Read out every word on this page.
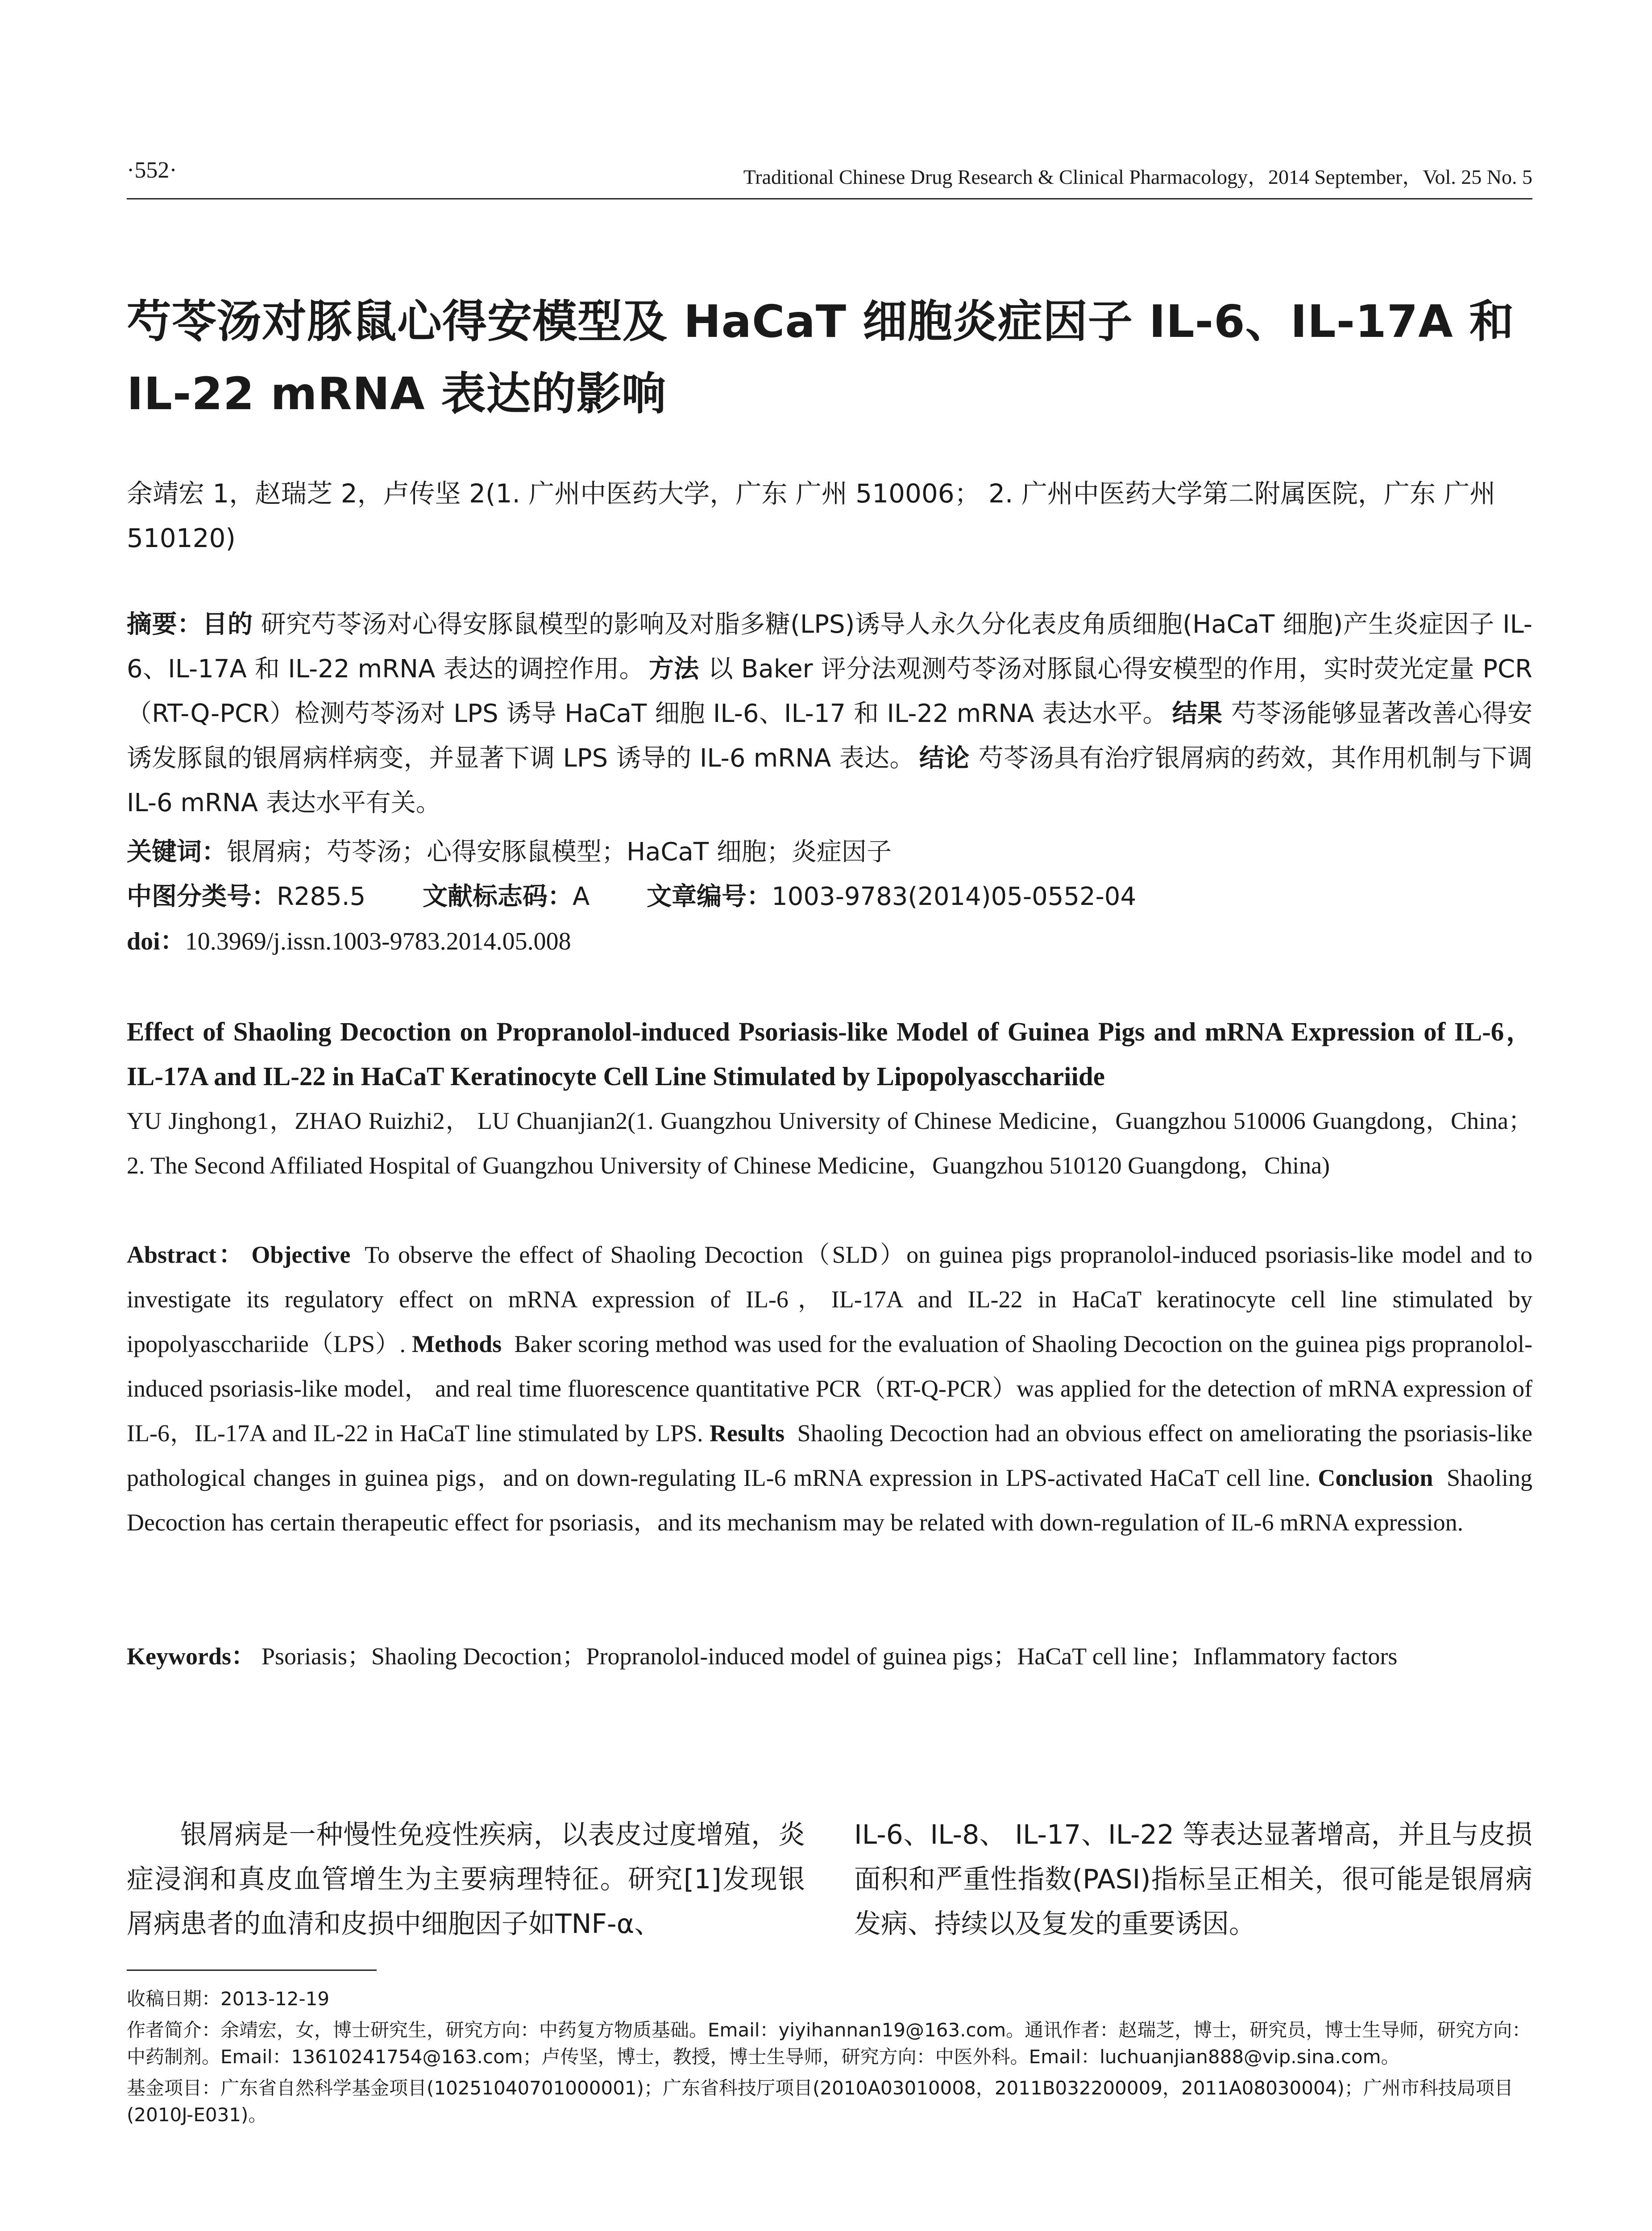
·552·	Traditional Chinese Drug Research & Clinical Pharmacology，2014 September，Vol. 25 No. 5
芍苓汤对豚鼠心得安模型及 HaCaT 细胞炎症因子 IL-6、IL-17A 和 IL-22 mRNA 表达的影响
余靖宏 1，赵瑞芝 2，卢传坚 2(1. 广州中医药大学，广东 广州 510006； 2. 广州中医药大学第二附属医院，广东 广州 510120)
摘要：目的 研究芍苓汤对心得安豚鼠模型的影响及对脂多糖(LPS)诱导人永久分化表皮角质细胞(HaCaT 细胞)产生炎症因子 IL-6、IL-17A 和 IL-22 mRNA 表达的调控作用。 方法 以 Baker 评分法观测芍苓汤对豚鼠心得安模型的作用，实时荧光定量 PCR（RT-Q-PCR）检测芍苓汤对 LPS 诱导 HaCaT 细胞 IL-6、IL-17 和 IL-22 mRNA 表达水平。 结果 芍苓汤能够显著改善心得安诱发豚鼠的银屑病样病变，并显著下调 LPS 诱导的 IL-6 mRNA 表达。 结论 芍苓汤具有治疗银屑病的药效，其作用机制与下调 IL-6 mRNA 表达水平有关。
关键词：银屑病；芍苓汤；心得安豚鼠模型；HaCaT 细胞；炎症因子
中图分类号：R285.5 文献标志码：A 文章编号：1003-9783(2014)05-0552-04
doi：10.3969/j.issn.1003-9783.2014.05.008
Effect of Shaoling Decoction on Propranolol-induced Psoriasis-like Model of Guinea Pigs and mRNA Expression of IL-6，IL-17A and IL-22 in HaCaT Keratinocyte Cell Line Stimulated by Lipopolyascchariide
YU Jinghong1，ZHAO Ruizhi2， LU Chuanjian2(1. Guangzhou University of Chinese Medicine，Guangzhou 510006 Guangdong，China；2. The Second Affiliated Hospital of Guangzhou University of Chinese Medicine，Guangzhou 510120 Guangdong，China)
Abstract： Objective To observe the effect of Shaoling Decoction（SLD）on guinea pigs propranolol-induced psoriasis-like model and to investigate its regulatory effect on mRNA expression of IL-6，IL-17A and IL-22 in HaCaT keratinocyte cell line stimulated by ipopolyascchariide（LPS）. Methods Baker scoring method was used for the evaluation of Shaoling Decoction on the guinea pigs propranolol-induced psoriasis-like model， and real time fluorescence quantitative PCR（RT-Q-PCR）was applied for the detection of mRNA expression of IL-6，IL-17A and IL-22 in HaCaT line stimulated by LPS. Results Shaoling Decoction had an obvious effect on ameliorating the psoriasis-like pathological changes in guinea pigs，and on down-regulating IL-6 mRNA expression in LPS-activated HaCaT cell line. Conclusion Shaoling Decoction has certain therapeutic effect for psoriasis，and its mechanism may be related with down-regulation of IL-6 mRNA expression.
Keywords： Psoriasis；Shaoling Decoction；Propranolol-induced model of guinea pigs；HaCaT cell line；Inflammatory factors
银屑病是一种慢性免疫性疾病，以表皮过度增殖，炎症浸润和真皮血管增生为主要病理特征。研究[1]发现银屑病患者的血清和皮损中细胞因子如TNF-α、
IL-6、IL-8、 IL-17、IL-22 等表达显著增高，并且与皮损面积和严重性指数(PASI)指标呈正相关，很可能是银屑病发病、持续以及复发的重要诱因。

收稿日期：2013-12-19

作者简介：余靖宏，女，博士研究生，研究方向：中药复方物质基础。Email：yiyihannan19@163.com。通讯作者：赵瑞芝，博士，研究员，博士生导师，研究方向：中药制剂。Email：13610241754@163.com；卢传坚，博士，教授，博士生导师，研究方向：中医外科。Email：luchuanjian888@vip.sina.com。

基金项目：广东省自然科学基金项目(10251040701000001)；广东省科技厅项目(2010A03010008，2011B032200009，2011A08030004)；广州市科技局项目(2010J-E031)。
